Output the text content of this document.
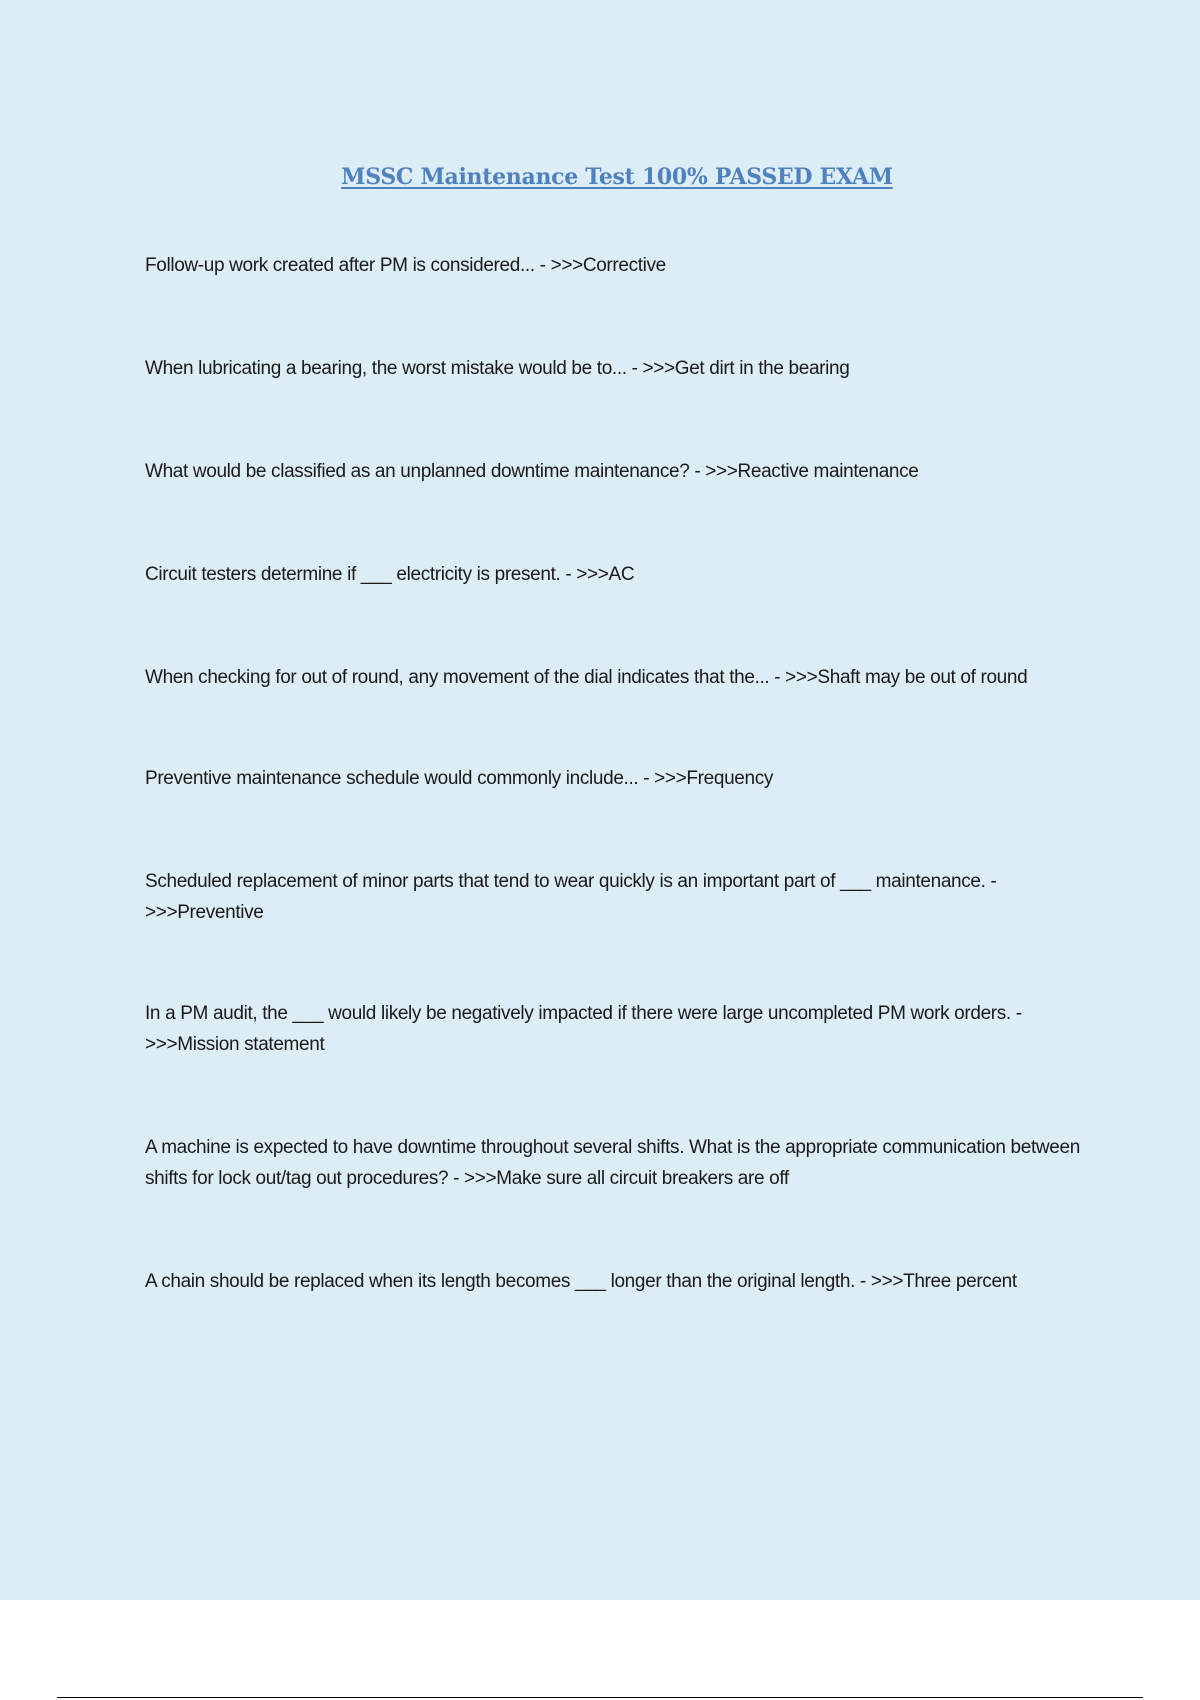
MSSC Maintenance Test 100% PASSED EXAM

Follow-up work created after PM is considered... - >>>Corrective

When lubricating a bearing, the worst mistake would be to... - >>>Get dirt in the bearing

What would be classified as an unplanned downtime maintenance? - >>>Reactive maintenance

Circuit testers determine if ___ electricity is present. - >>>AC

When checking for out of round, any movement of the dial indicates that the... - >>>Shaft may be out of round

Preventive maintenance schedule would commonly include... - >>>Frequency

Scheduled replacement of minor parts that tend to wear quickly is an important part of ___ maintenance. - >>>Preventive

In a PM audit, the ___ would likely be negatively impacted if there were large uncompleted PM work orders. - >>>Mission statement

A machine is expected to have downtime throughout several shifts. What is the appropriate communication between shifts for lock out/tag out procedures? - >>>Make sure all circuit breakers are off

A chain should be replaced when its length becomes ___ longer than the original length. - >>>Three percent
